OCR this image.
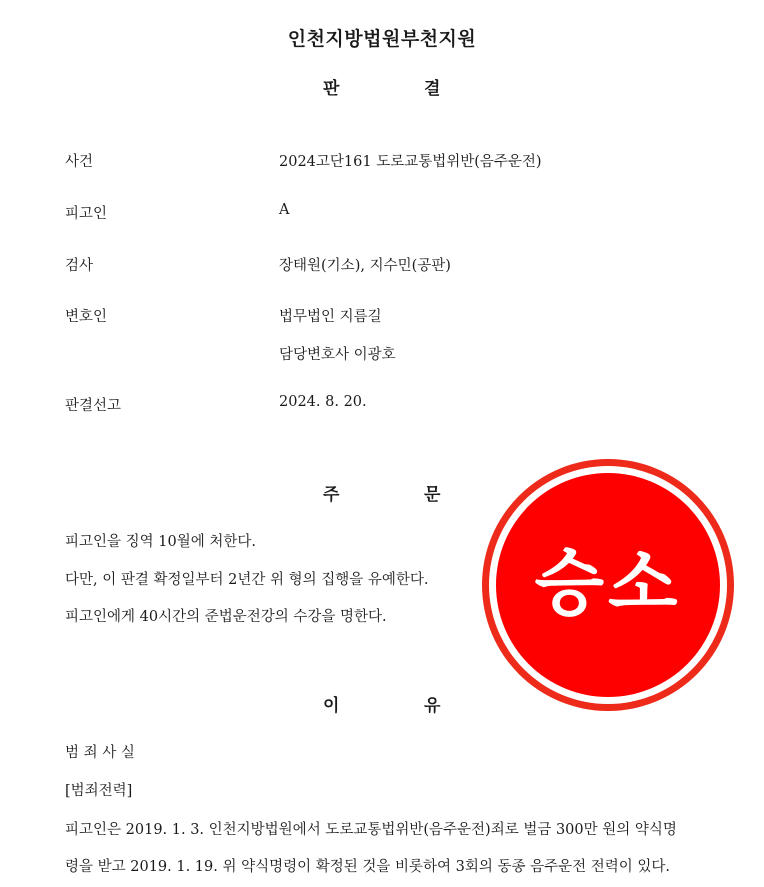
인천지방법원부천지원
판	결
사건	2024고단161 도로교통법위반(음주운전)
피고인	A
검사	장태원(기소), 지수민(공판)
변호인	법무법인 지름길
담당변호사 이광호
판결선고	2024. 8. 20.
주	문
피고인을 징역 10월에 처한다.
다만, 이 판결 확정일부터 2년간 위 형의 집행을 유예한다.
피고인에게 40시간의 준법운전강의 수강을 명한다.
이	유
범 죄 사 실
[범죄전력]
피고인은 2019. 1. 3. 인천지방법원에서 도로교통법위반(음주운전)죄로 벌금 300만 원의 약식명
령을 받고 2019. 1. 19. 위 약식명령이 확정된 것을 비롯하여 3회의 동종 음주운전 전력이 있다.
승소
